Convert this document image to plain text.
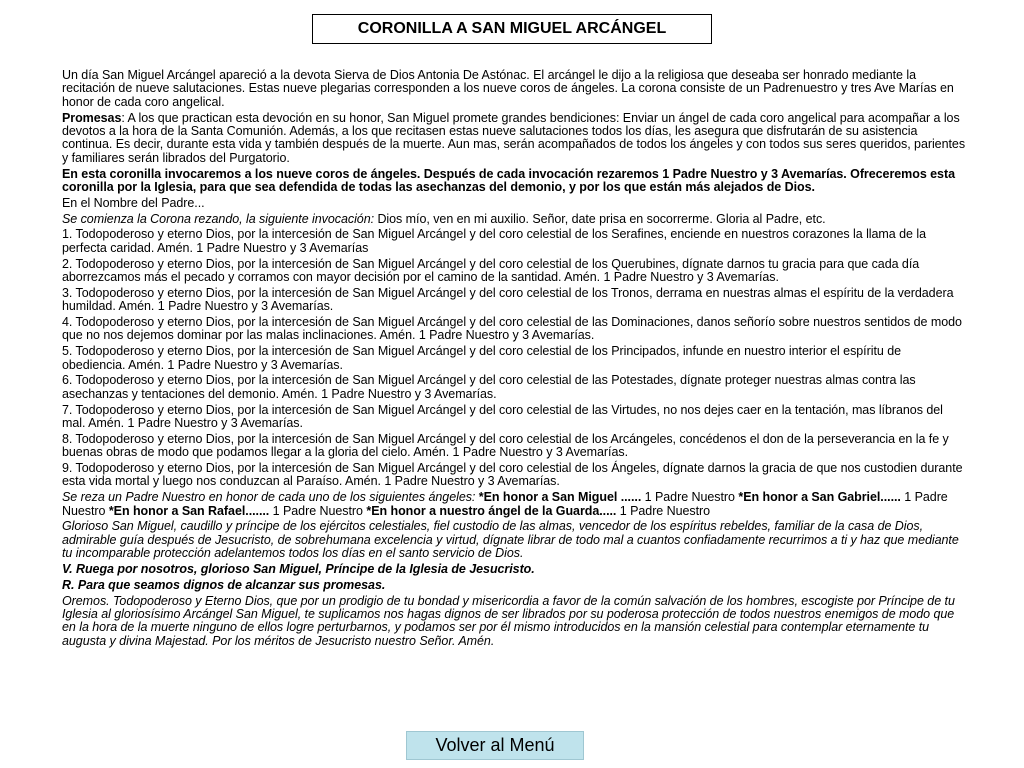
CORONILLA A SAN MIGUEL ARCÁNGEL

Un día San Miguel Arcángel apareció a la devota Sierva de Dios Antonia De Astónac. El arcángel le dijo a la religiosa que deseaba ser honrado mediante la recitación de nueve salutaciones. Estas nueve plegarias corresponden a los nueve coros de ángeles. La corona consiste de un Padrenuestro y tres Ave Marías en honor de cada coro angelical.

Promesas: A los que practican esta devoción en su honor, San Miguel promete grandes bendiciones: Enviar un ángel de cada coro angelical para acompañar a los devotos a la hora de la Santa Comunión. Además, a los que recitasen estas nueve salutaciones todos los días, les asegura que disfrutarán de su asistencia continua. Es decir, durante esta vida y también después de la muerte. Aun mas, serán acompañados de todos los ángeles y con todos sus seres queridos, parientes y familiares serán librados del Purgatorio.

En esta coronilla invocaremos a los nueve coros de ángeles. Después de cada invocación rezaremos 1 Padre Nuestro y 3 Avemarías. Ofreceremos esta coronilla por la Iglesia, para que sea defendida de todas las asechanzas del demonio, y por los que están más alejados de Dios.

En el Nombre del Padre...

Se comienza la Corona rezando, la siguiente invocación: Dios mío, ven en mi auxilio. Señor, date prisa en socorrerme. Gloria al Padre, etc.

1. Todopoderoso y eterno Dios, por la intercesión de San Miguel Arcángel y del coro celestial de los Serafines, enciende en nuestros corazones la llama de la perfecta caridad. Amén. 1 Padre Nuestro y 3 Avemarías

2. Todopoderoso y eterno Dios, por la intercesión de San Miguel Arcángel y del coro celestial de los Querubines, dígnate darnos tu gracia para que cada día aborrezcamos más el pecado y corramos con mayor decisión por el camino de la santidad. Amén. 1 Padre Nuestro y 3 Avemarías.

3. Todopoderoso y eterno Dios, por la intercesión de San Miguel Arcángel y del coro celestial de los Tronos, derrama en nuestras almas el espíritu de la verdadera humildad. Amén. 1 Padre Nuestro y 3 Avemarías.

4. Todopoderoso y eterno Dios, por la intercesión de San Miguel Arcángel y del coro celestial de las Dominaciones, danos señorío sobre nuestros sentidos de modo que no nos dejemos dominar por las malas inclinaciones. Amén. 1 Padre Nuestro y 3 Avemarías.

5. Todopoderoso y eterno Dios, por la intercesión de San Miguel Arcángel y del coro celestial de los Principados, infunde en nuestro interior el espíritu de obediencia. Amén. 1 Padre Nuestro y 3 Avemarías.

6. Todopoderoso y eterno Dios, por la intercesión de San Miguel Arcángel y del coro celestial de las Potestades, dígnate proteger nuestras almas contra las asechanzas y tentaciones del demonio. Amén. 1 Padre Nuestro y 3 Avemarías.

7. Todopoderoso y eterno Dios, por la intercesión de San Miguel Arcángel y del coro celestial de las Virtudes, no nos dejes caer en la tentación, mas líbranos del mal. Amén. 1 Padre Nuestro y 3 Avemarías.

8. Todopoderoso y eterno Dios, por la intercesión de San Miguel Arcángel y del coro celestial de los Arcángeles, concédenos el don de la perseverancia en la fe y buenas obras de modo que podamos llegar a la gloria del cielo. Amén. 1 Padre Nuestro y 3 Avemarías.

9. Todopoderoso y eterno Dios, por la intercesión de San Miguel Arcángel y del coro celestial de los Ángeles, dígnate darnos la gracia de que nos custodien durante esta vida mortal y luego nos conduzcan al Paraíso. Amén. 1 Padre Nuestro y 3 Avemarías.

Se reza un Padre Nuestro en honor de cada uno de los siguientes ángeles: *En honor a San Miguel ...... 1 Padre Nuestro *En honor a San Gabriel...... 1 Padre Nuestro *En honor a San Rafael....... 1 Padre Nuestro *En honor a nuestro ángel de la Guarda..... 1 Padre Nuestro

Glorioso San Miguel, caudillo y príncipe de los ejércitos celestiales, fiel custodio de las almas, vencedor de los espíritus rebeldes, familiar de la casa de Dios, admirable guía después de Jesucristo, de sobrehumana excelencia y virtud, dígnate librar de todo mal a cuantos confiadamente recurrimos a ti y haz que mediante tu incomparable protección adelantemos todos los días en el santo servicio de Dios.

V. Ruega por nosotros, glorioso San Miguel, Príncipe de la Iglesia de Jesucristo.

R. Para que seamos dignos de alcanzar sus promesas.

Oremos. Todopoderoso y Eterno Dios, que por un prodigio de tu bondad y misericordia a favor de la común salvación de los hombres, escogiste por Príncipe de tu Iglesia al gloriosísimo Arcángel San Miguel, te suplicamos nos hagas dignos de ser librados por su poderosa protección de todos nuestros enemigos de modo que en la hora de la muerte ninguno de ellos logre perturbarnos, y podamos ser por él mismo introducidos en la mansión celestial para contemplar eternamente tu augusta y divina Majestad. Por los méritos de Jesucristo nuestro Señor. Amén.

Volver al Menú
